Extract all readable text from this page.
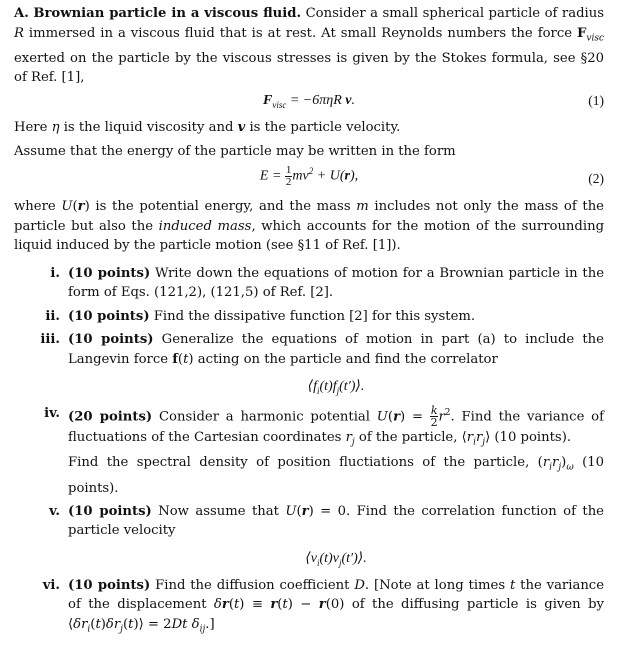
A. Brownian particle in a viscous fluid. Consider a small spherical particle of radius R immersed in a viscous fluid that is at rest. At small Reynolds numbers the force $F_{visc}$ exerted on the particle by the viscous stresses is given by the Stokes formula, see §20 of Ref. [1],

$F_{visc} = -6\pi\eta R$ v.	(1)

Here η is the liquid viscosity and v is the particle velocity.

Assume that the energy of the particle may be written in the form

$E = \frac{1}{2} mv^2 + U(r)$,	(2)

where U(r) is the potential energy, and the mass m includes not only the mass of the particle but also the induced mass, which accounts for the motion of the surrounding liquid induced by the particle motion (see §11 of Ref. [1]).

i. (10 points) Write down the equations of motion for a Brownian particle in the form of Eqs. (121,2), (121,5) of Ref. [2].
ii. (10 points) Find the dissipative function [2] for this system.
iii. (10 points) Generalize the equations of motion in part (a) to include the Langevin force f(t) acting on the particle and find the correlator
$⟨f_i(t)f_j(t')⟩$.
iv. (20 points) Consider a harmonic potential $U(r) = \frac{k}{2} r^2$. Find the variance of fluctuations of the Cartesian coordinates $r_j$ of the particle, $⟨r_ir_j⟩$ (10 points).
Find the spectral density of position fluctiations of the particle, $(r_ir_j)_\omega$ (10 points).
v. (10 points) Now assume that U(r) = 0. Find the correlation function of the particle velocity
$⟨v_i(t)v_j(t')⟩$.
vi. (10 points) Find the diffusion coefficient D. [Note at long times t the variance of the displacement δr(t) ≡ r(t) − r(0) of the diffusing particle is given by $⟨\delta r_i(t)\delta r_j(t)⟩ = 2Dt$ $\delta_{ij}$.]
